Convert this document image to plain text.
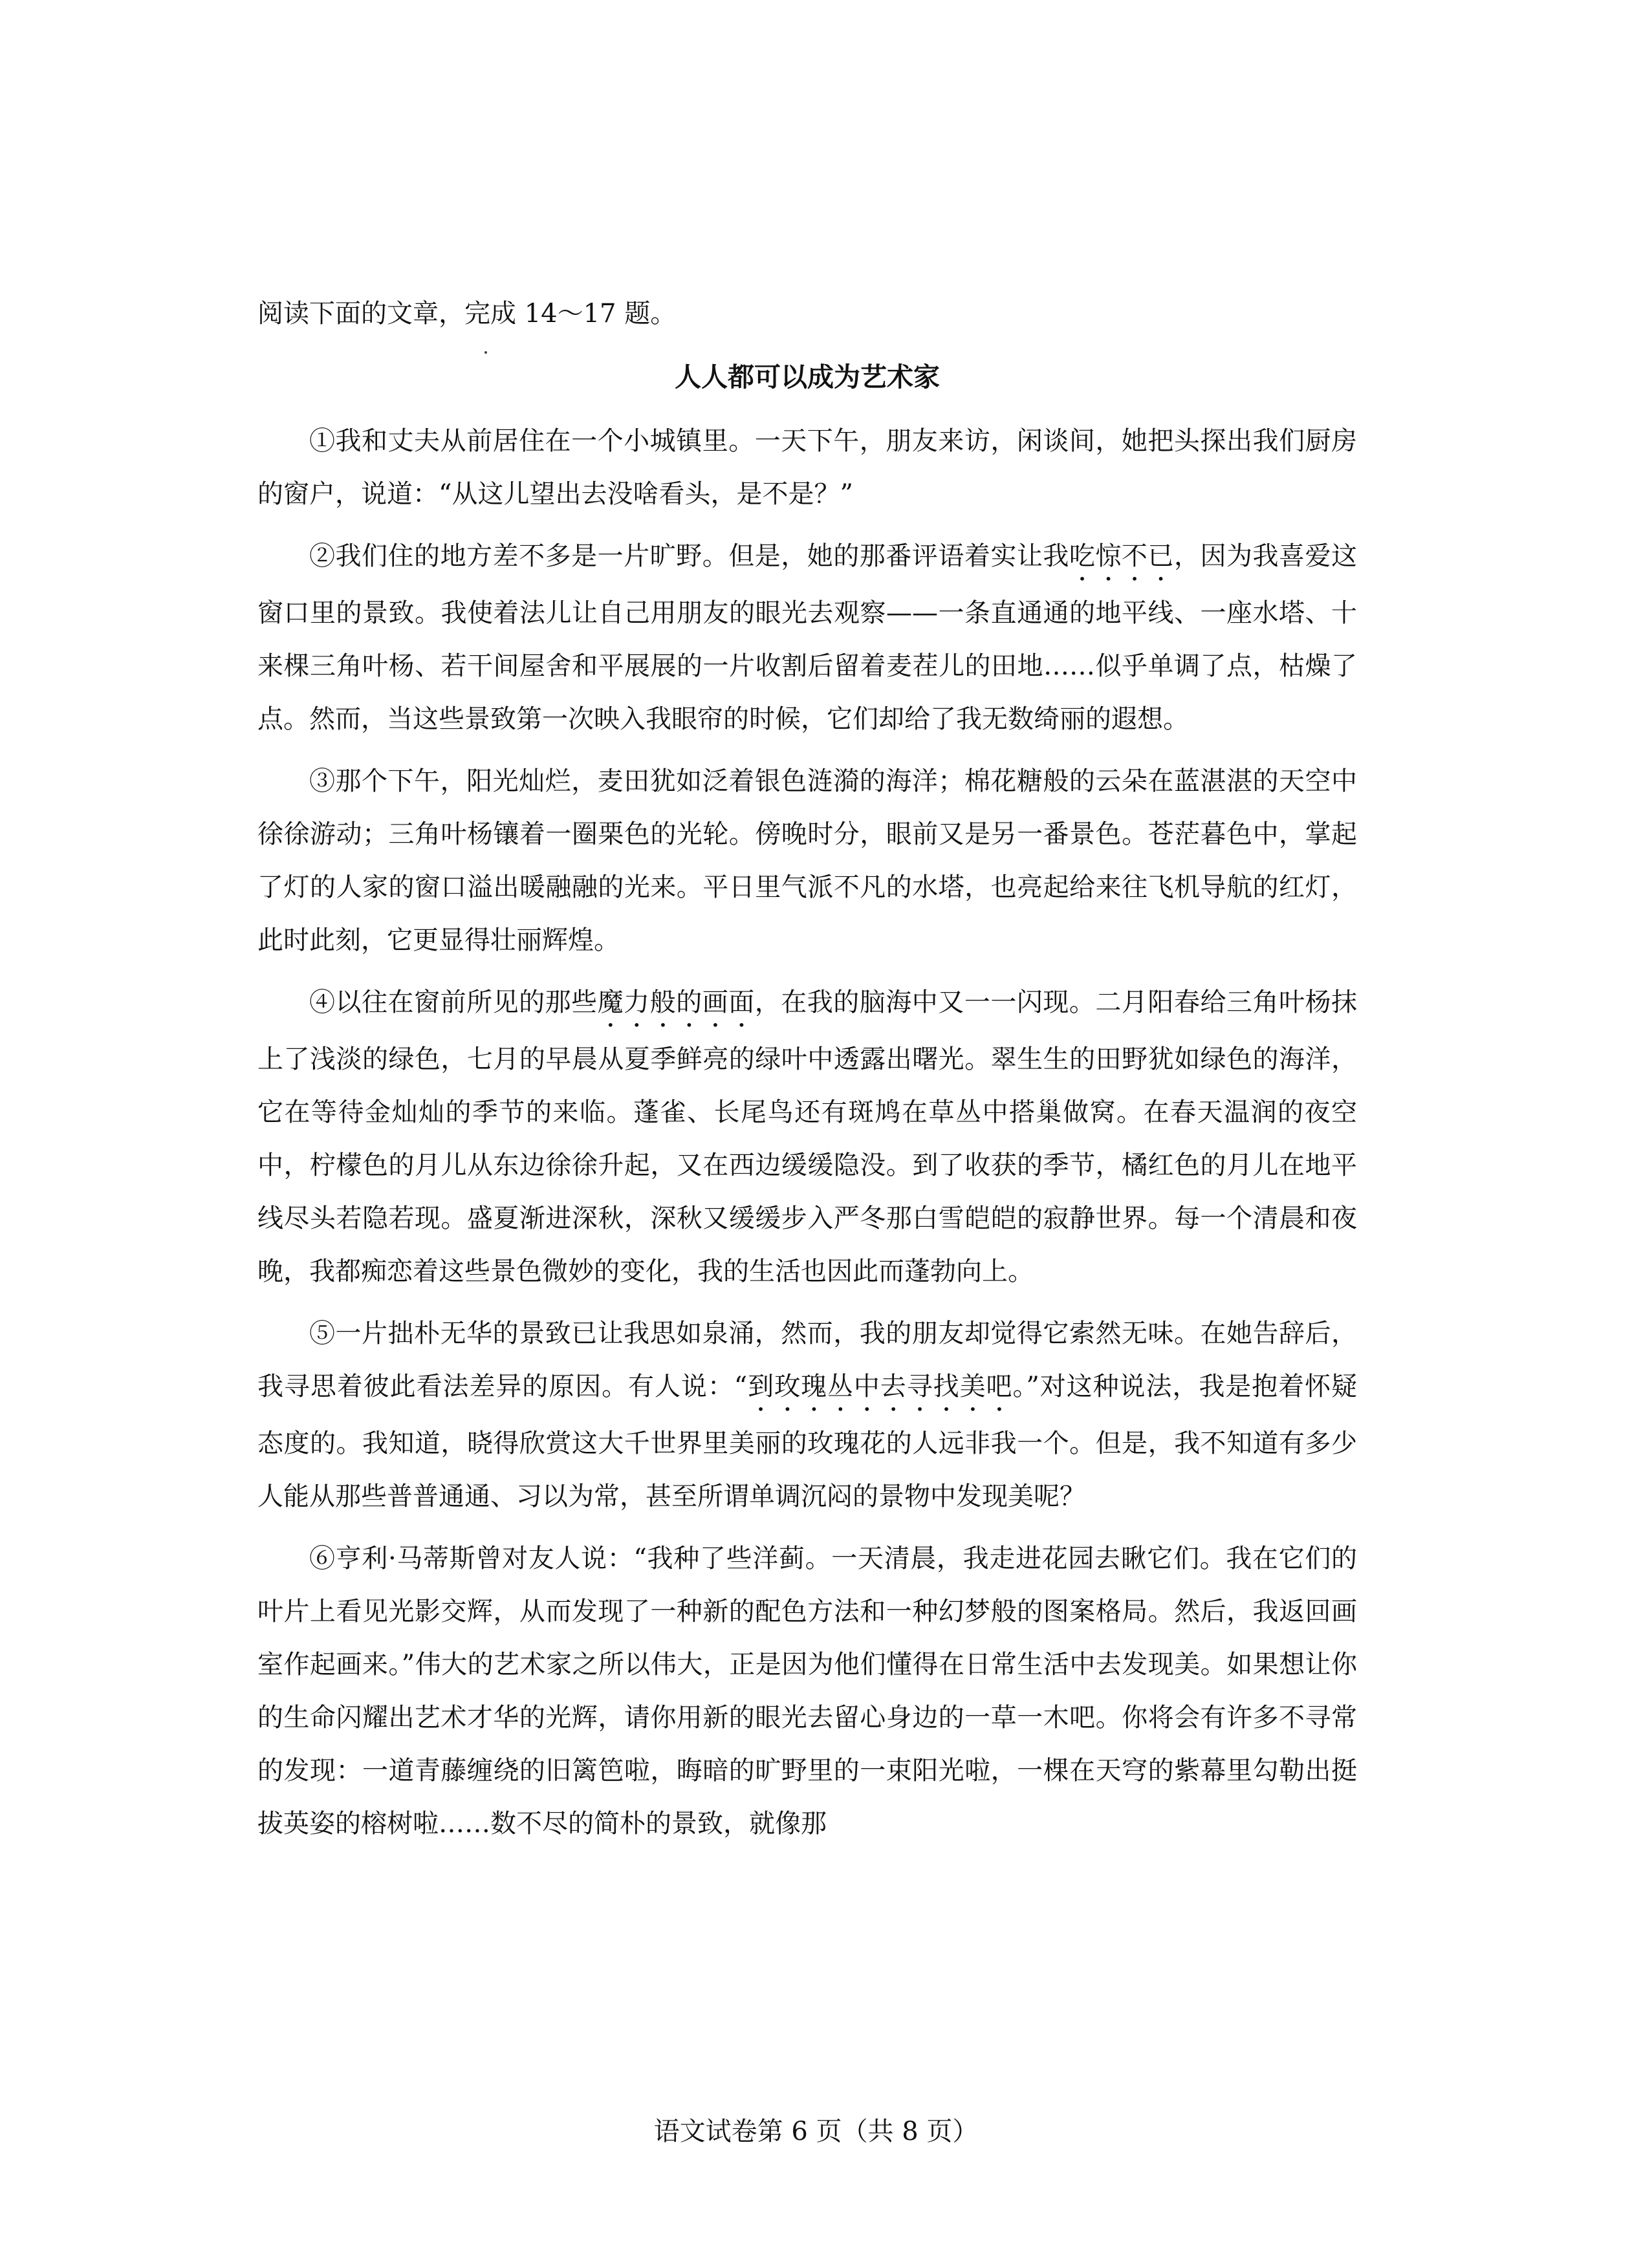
阅读下面的文章，完成 14～17 题。
人人都可以成为艺术家

①我和丈夫从前居住在一个小城镇里。一天下午，朋友来访，闲谈间，她把头探出我们厨房的窗户，说道：“从这儿望出去没啥看头，是不是？”

②我们住的地方差不多是一片旷野。但是，她的那番评语着实让我吃惊不已，因为我喜爱这窗口里的景致。我使着法儿让自己用朋友的眼光去观察——一条直通通的地平线、一座水塔、十来棵三角叶杨、若干间屋舍和平展展的一片收割后留着麦茬儿的田地……似乎单调了点，枯燥了点。然而，当这些景致第一次映入我眼帘的时候，它们却给了我无数绮丽的遐想。

③那个下午，阳光灿烂，麦田犹如泛着银色涟漪的海洋；棉花糖般的云朵在蓝湛湛的天空中徐徐游动；三角叶杨镶着一圈栗色的光轮。傍晚时分，眼前又是另一番景色。苍茫暮色中，掌起了灯的人家的窗口溢出暖融融的光来。平日里气派不凡的水塔，也亮起给来往飞机导航的红灯，此时此刻，它更显得壮丽辉煌。

④以往在窗前所见的那些魔力般的画面，在我的脑海中又一一闪现。二月阳春给三角叶杨抹上了浅淡的绿色，七月的早晨从夏季鲜亮的绿叶中透露出曙光。翠生生的田野犹如绿色的海洋，它在等待金灿灿的季节的来临。蓬雀、长尾鸟还有斑鸠在草丛中搭巢做窝。在春天温润的夜空中，柠檬色的月儿从东边徐徐升起，又在西边缓缓隐没。到了收获的季节，橘红色的月儿在地平线尽头若隐若现。盛夏渐进深秋，深秋又缓缓步入严冬那白雪皑皑的寂静世界。每一个清晨和夜晚，我都痴恋着这些景色微妙的变化，我的生活也因此而蓬勃向上。

⑤一片拙朴无华的景致已让我思如泉涌，然而，我的朋友却觉得它索然无味。在她告辞后，我寻思着彼此看法差异的原因。有人说：“到玫瑰丛中去寻找美吧。”对这种说法，我是抱着怀疑态度的。我知道，晓得欣赏这大千世界里美丽的玫瑰花的人远非我一个。但是，我不知道有多少人能从那些普普通通、习以为常，甚至所谓单调沉闷的景物中发现美呢？

⑥亨利·马蒂斯曾对友人说：“我种了些洋蓟。一天清晨，我走进花园去瞅它们。我在它们的叶片上看见光影交辉，从而发现了一种新的配色方法和一种幻梦般的图案格局。然后，我返回画室作起画来。”伟大的艺术家之所以伟大，正是因为他们懂得在日常生活中去发现美。如果想让你的生命闪耀出艺术才华的光辉，请你用新的眼光去留心身边的一草一木吧。你将会有许多不寻常的发现：一道青藤缠绕的旧篱笆啦，晦暗的旷野里的一束阳光啦，一棵在天穹的紫幕里勾勒出挺拔英姿的榕树啦……数不尽的简朴的景致，就像那

语文试卷第 6 页（共 8 页）
